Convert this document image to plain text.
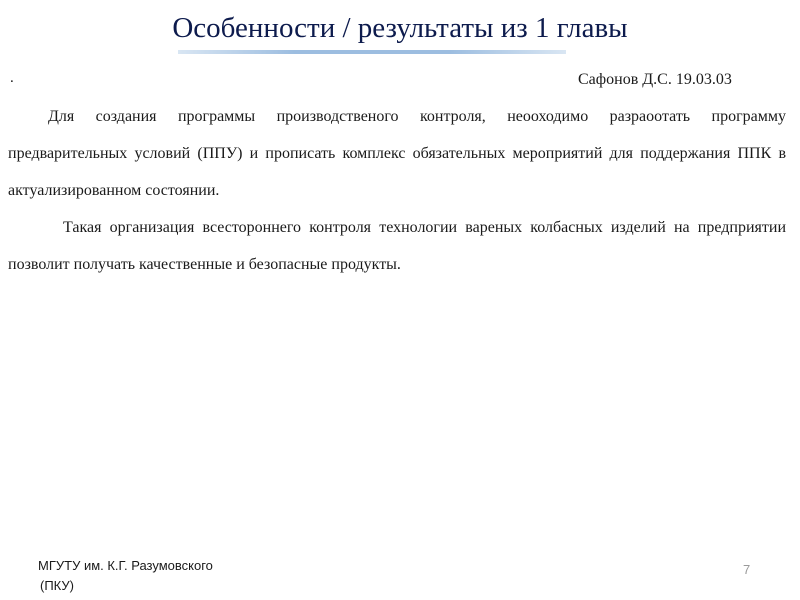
Особенности / результаты из 1 главы
.	Сафонов Д.С. 19.03.03

Для создания программы производственого контроля, неооходимо разраоотать программу предварительных условий (ППУ) и прописать комплекс обязательных мероприятий для поддержания ППК в актуализированном состоянии.

Такая организация всестороннего контроля технологии вареных колбасных изделий на предприятии позволит получать качественные и безопасные продукты.

МГУТУ им. К.Г. Разумовского
(ПКУ)
7
